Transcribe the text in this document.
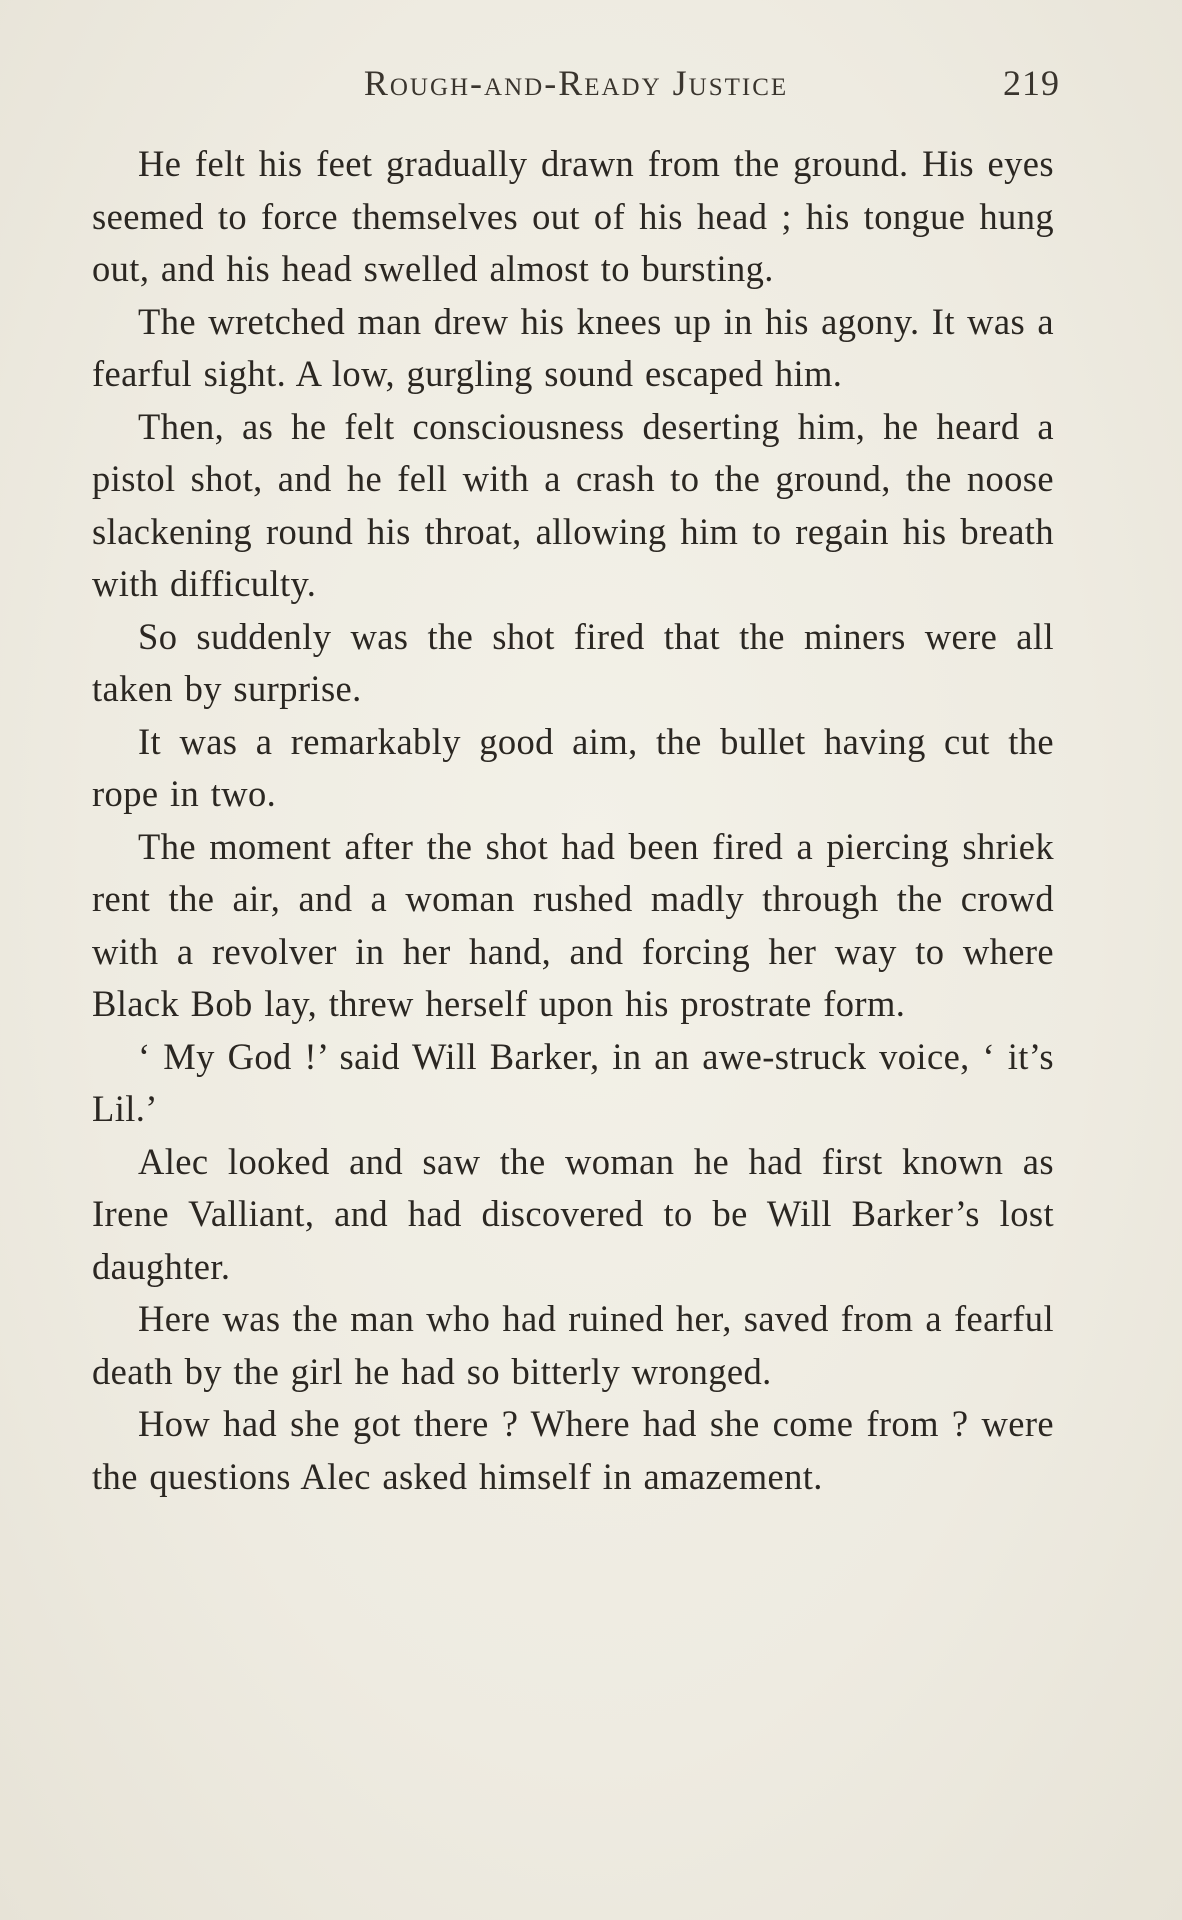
Rough-and-Ready Justice	219

He felt his feet gradually drawn from the ground. His eyes seemed to force themselves out of his head ; his tongue hung out, and his head swelled almost to bursting.

The wretched man drew his knees up in his agony. It was a fearful sight. A low, gurgling sound escaped him.

Then, as he felt consciousness deserting him, he heard a pistol shot, and he fell with a crash to the ground, the noose slackening round his throat, allowing him to regain his breath with difficulty.

So suddenly was the shot fired that the miners were all taken by surprise.

It was a remarkably good aim, the bullet having cut the rope in two.

The moment after the shot had been fired a piercing shriek rent the air, and a woman rushed madly through the crowd with a revolver in her hand, and forcing her way to where Black Bob lay, threw herself upon his prostrate form.

‘ My God !’ said Will Barker, in an awe-struck voice, ‘ it’s Lil.’

Alec looked and saw the woman he had first known as Irene Valliant, and had discovered to be Will Barker’s lost daughter.

Here was the man who had ruined her, saved from a fearful death by the girl he had so bitterly wronged.

How had she got there ? Where had she come from ? were the questions Alec asked himself in amazement.
